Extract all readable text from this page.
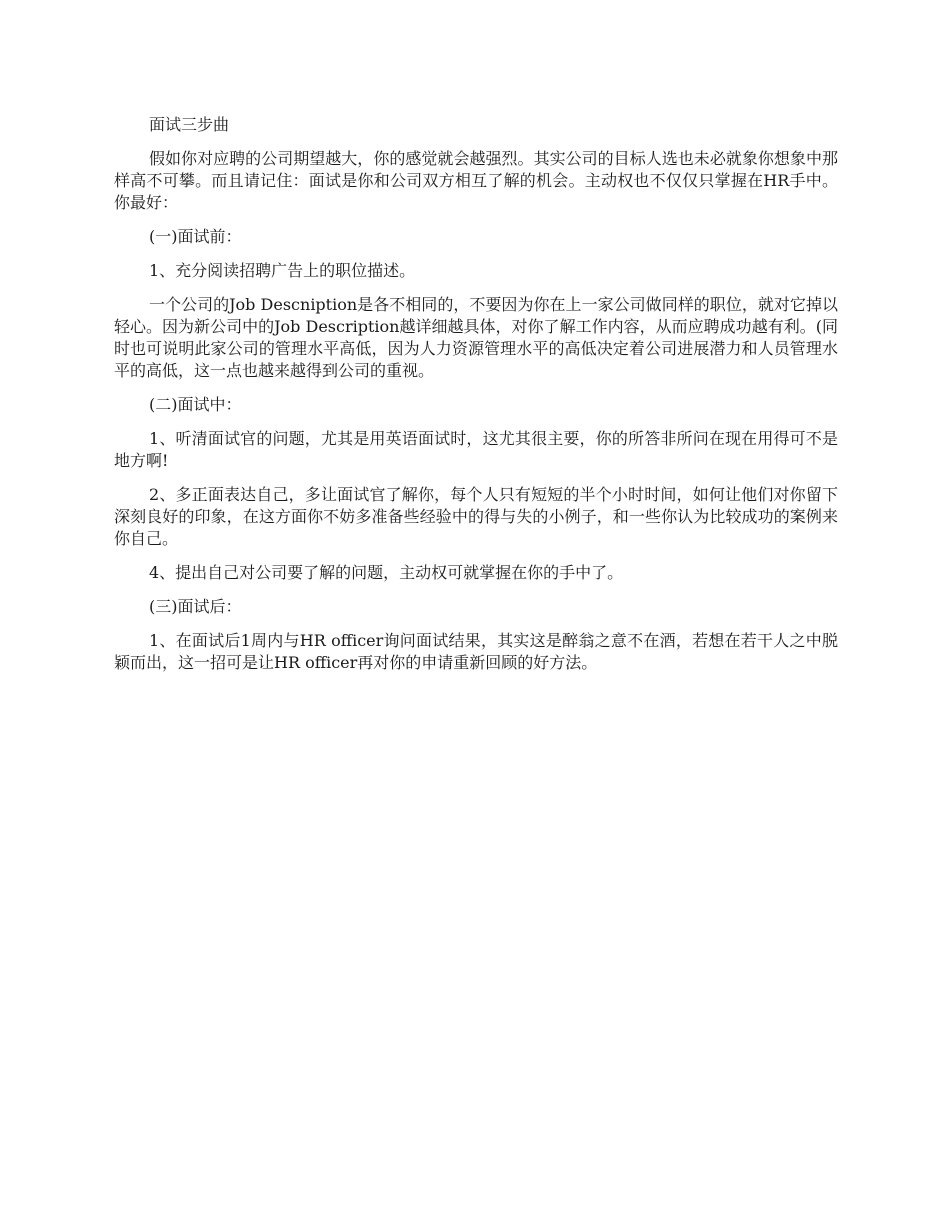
面试三步曲

假如你对应聘的公司期望越大，你的感觉就会越强烈。其实公司的目标人选也未必就象你想象中那样高不可攀。而且请记住：面试是你和公司双方相互了解的机会。主动权也不仅仅只掌握在HR手中。你最好：

(一)面试前：

1、充分阅读招聘广告上的职位描述。

一个公司的Job Descniption是各不相同的，不要因为你在上一家公司做同样的职位，就对它掉以轻心。因为新公司中的Job Description越详细越具体，对你了解工作内容，从而应聘成功越有利。(同时也可说明此家公司的管理水平高低，因为人力资源管理水平的高低决定着公司进展潜力和人员管理水平的高低，这一点也越来越得到公司的重视。

(二)面试中：

1、听清面试官的问题，尤其是用英语面试时，这尤其很主要，你的所答非所问在现在用得可不是地方啊!

2、多正面表达自己，多让面试官了解你，每个人只有短短的半个小时时间，如何让他们对你留下深刻良好的印象，在这方面你不妨多准备些经验中的得与失的小例子，和一些你认为比较成功的案例来你自己。

4、提出自己对公司要了解的问题，主动权可就掌握在你的手中了。

(三)面试后：

1、在面试后1周内与HR officer询问面试结果，其实这是醉翁之意不在酒，若想在若干人之中脱颖而出，这一招可是让HR officer再对你的申请重新回顾的好方法。
